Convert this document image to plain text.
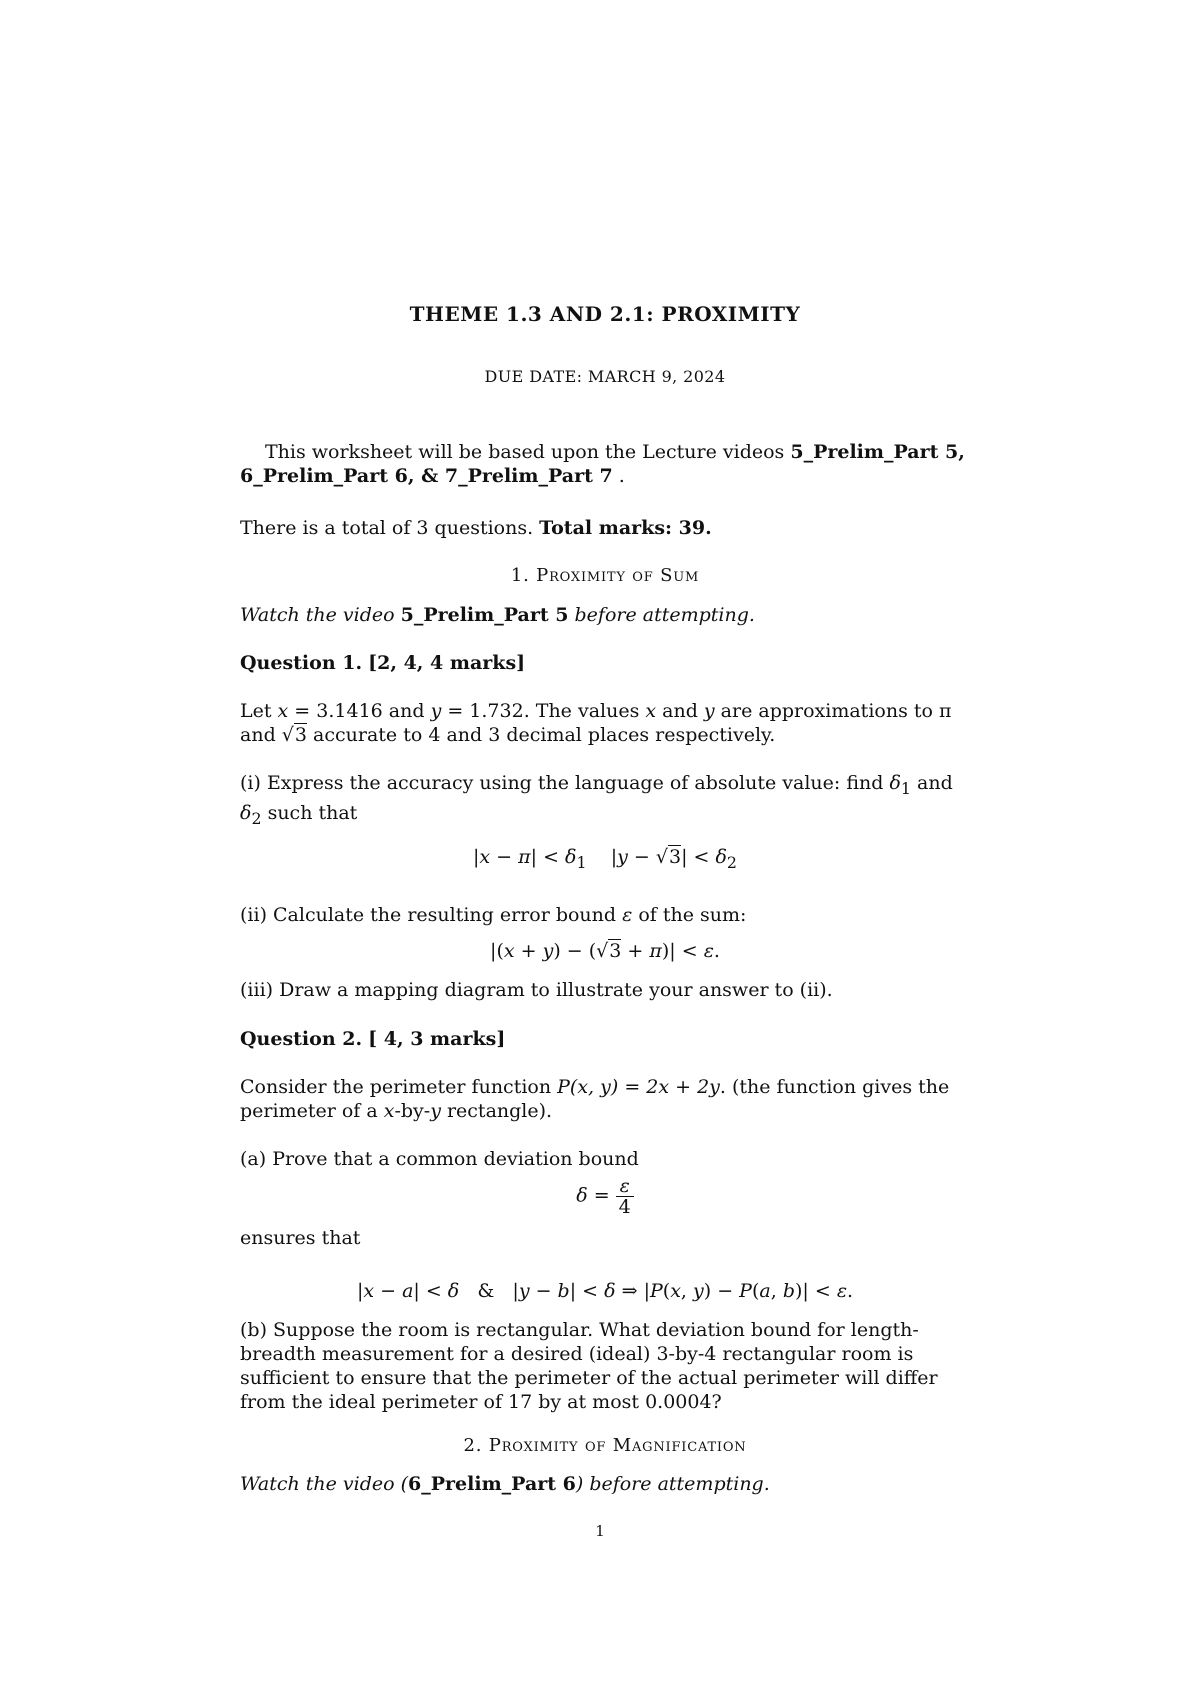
THEME 1.3 AND 2.1: PROXIMITY
DUE DATE: MARCH 9, 2024
This worksheet will be based upon the Lecture videos 5_Prelim_Part 5, 6_Prelim_Part 6, & 7_Prelim_Part 7 .
There is a total of 3 questions. Total marks: 39.
1. Proximity of Sum
Watch the video 5_Prelim_Part 5 before attempting.
Question 1. [2, 4, 4 marks]
Let x = 3.1416 and y = 1.732. The values x and y are approximations to π and √3 accurate to 4 and 3 decimal places respectively.
(i) Express the accuracy using the language of absolute value: find $\delta_1$ and $\delta_2$ such that
$|x - \pi| < \delta_1$    $|y - √3| < \delta_2$
(ii) Calculate the resulting error bound ε of the sum:
|(x + y) − (√3 + π)| < ε.
(iii) Draw a mapping diagram to illustrate your answer to (ii).
Question 2. [ 4, 3 marks]
Consider the perimeter function P(x, y) = 2x + 2y. (the function gives the perimeter of a x-by-y rectangle).
(a) Prove that a common deviation bound
$\delta = \frac{\varepsilon}{4}$
ensures that
|x − a| < δ   &   |y − b| < δ ⇒ |P(x, y) − P(a, b)| < ε.
(b) Suppose the room is rectangular. What deviation bound for length-breadth measurement for a desired (ideal) 3-by-4 rectangular room is sufficient to ensure that the perimeter of the actual perimeter will differ from the ideal perimeter of 17 by at most 0.0004?
2. Proximity of Magnification
Watch the video (6_Prelim_Part 6) before attempting.
1
